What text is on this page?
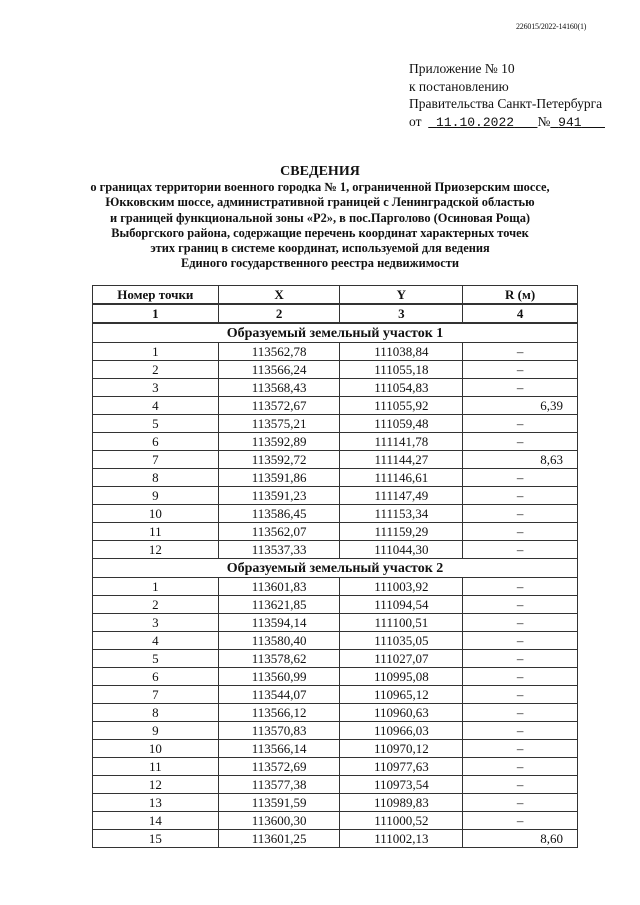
226015/2022-14160(1)
Приложение № 10
к постановлению
Правительства Санкт-Петербурга
от 11.10.2022 № 941
СВЕДЕНИЯ
о границах территории военного городка № 1, ограниченной Приозерским шоссе,
Юкковским шоссе, административной границей с Ленинградской областью
и границей функциональной зоны «Р2», в пос.Парголово (Осиновая Роща)
Выборгского района, содержащие перечень координат характерных точек
этих границ в системе координат, используемой для ведения
Единого государственного реестра недвижимости
Номер точки	X	Y	R (м)
1	2	3	4
Образуемый земельный участок 1			
1	113562,78	111038,84	–
2	113566,24	111055,18	–
3	113568,43	111054,83	–
4	113572,67	111055,92	6,39
5	113575,21	111059,48	–
6	113592,89	111141,78	–
7	113592,72	111144,27	8,63
8	113591,86	111146,61	–
9	113591,23	111147,49	–
10	113586,45	111153,34	–
11	113562,07	111159,29	–
12	113537,33	111044,30	–
Образуемый земельный участок 2			
1	113601,83	111003,92	–
2	113621,85	111094,54	–
3	113594,14	111100,51	–
4	113580,40	111035,05	–
5	113578,62	111027,07	–
6	113560,99	110995,08	–
7	113544,07	110965,12	–
8	113566,12	110960,63	–
9	113570,83	110966,03	–
10	113566,14	110970,12	–
11	113572,69	110977,63	–
12	113577,38	110973,54	–
13	113591,59	110989,83	–
14	113600,30	111000,52	–
15	113601,25	111002,13	8,60
